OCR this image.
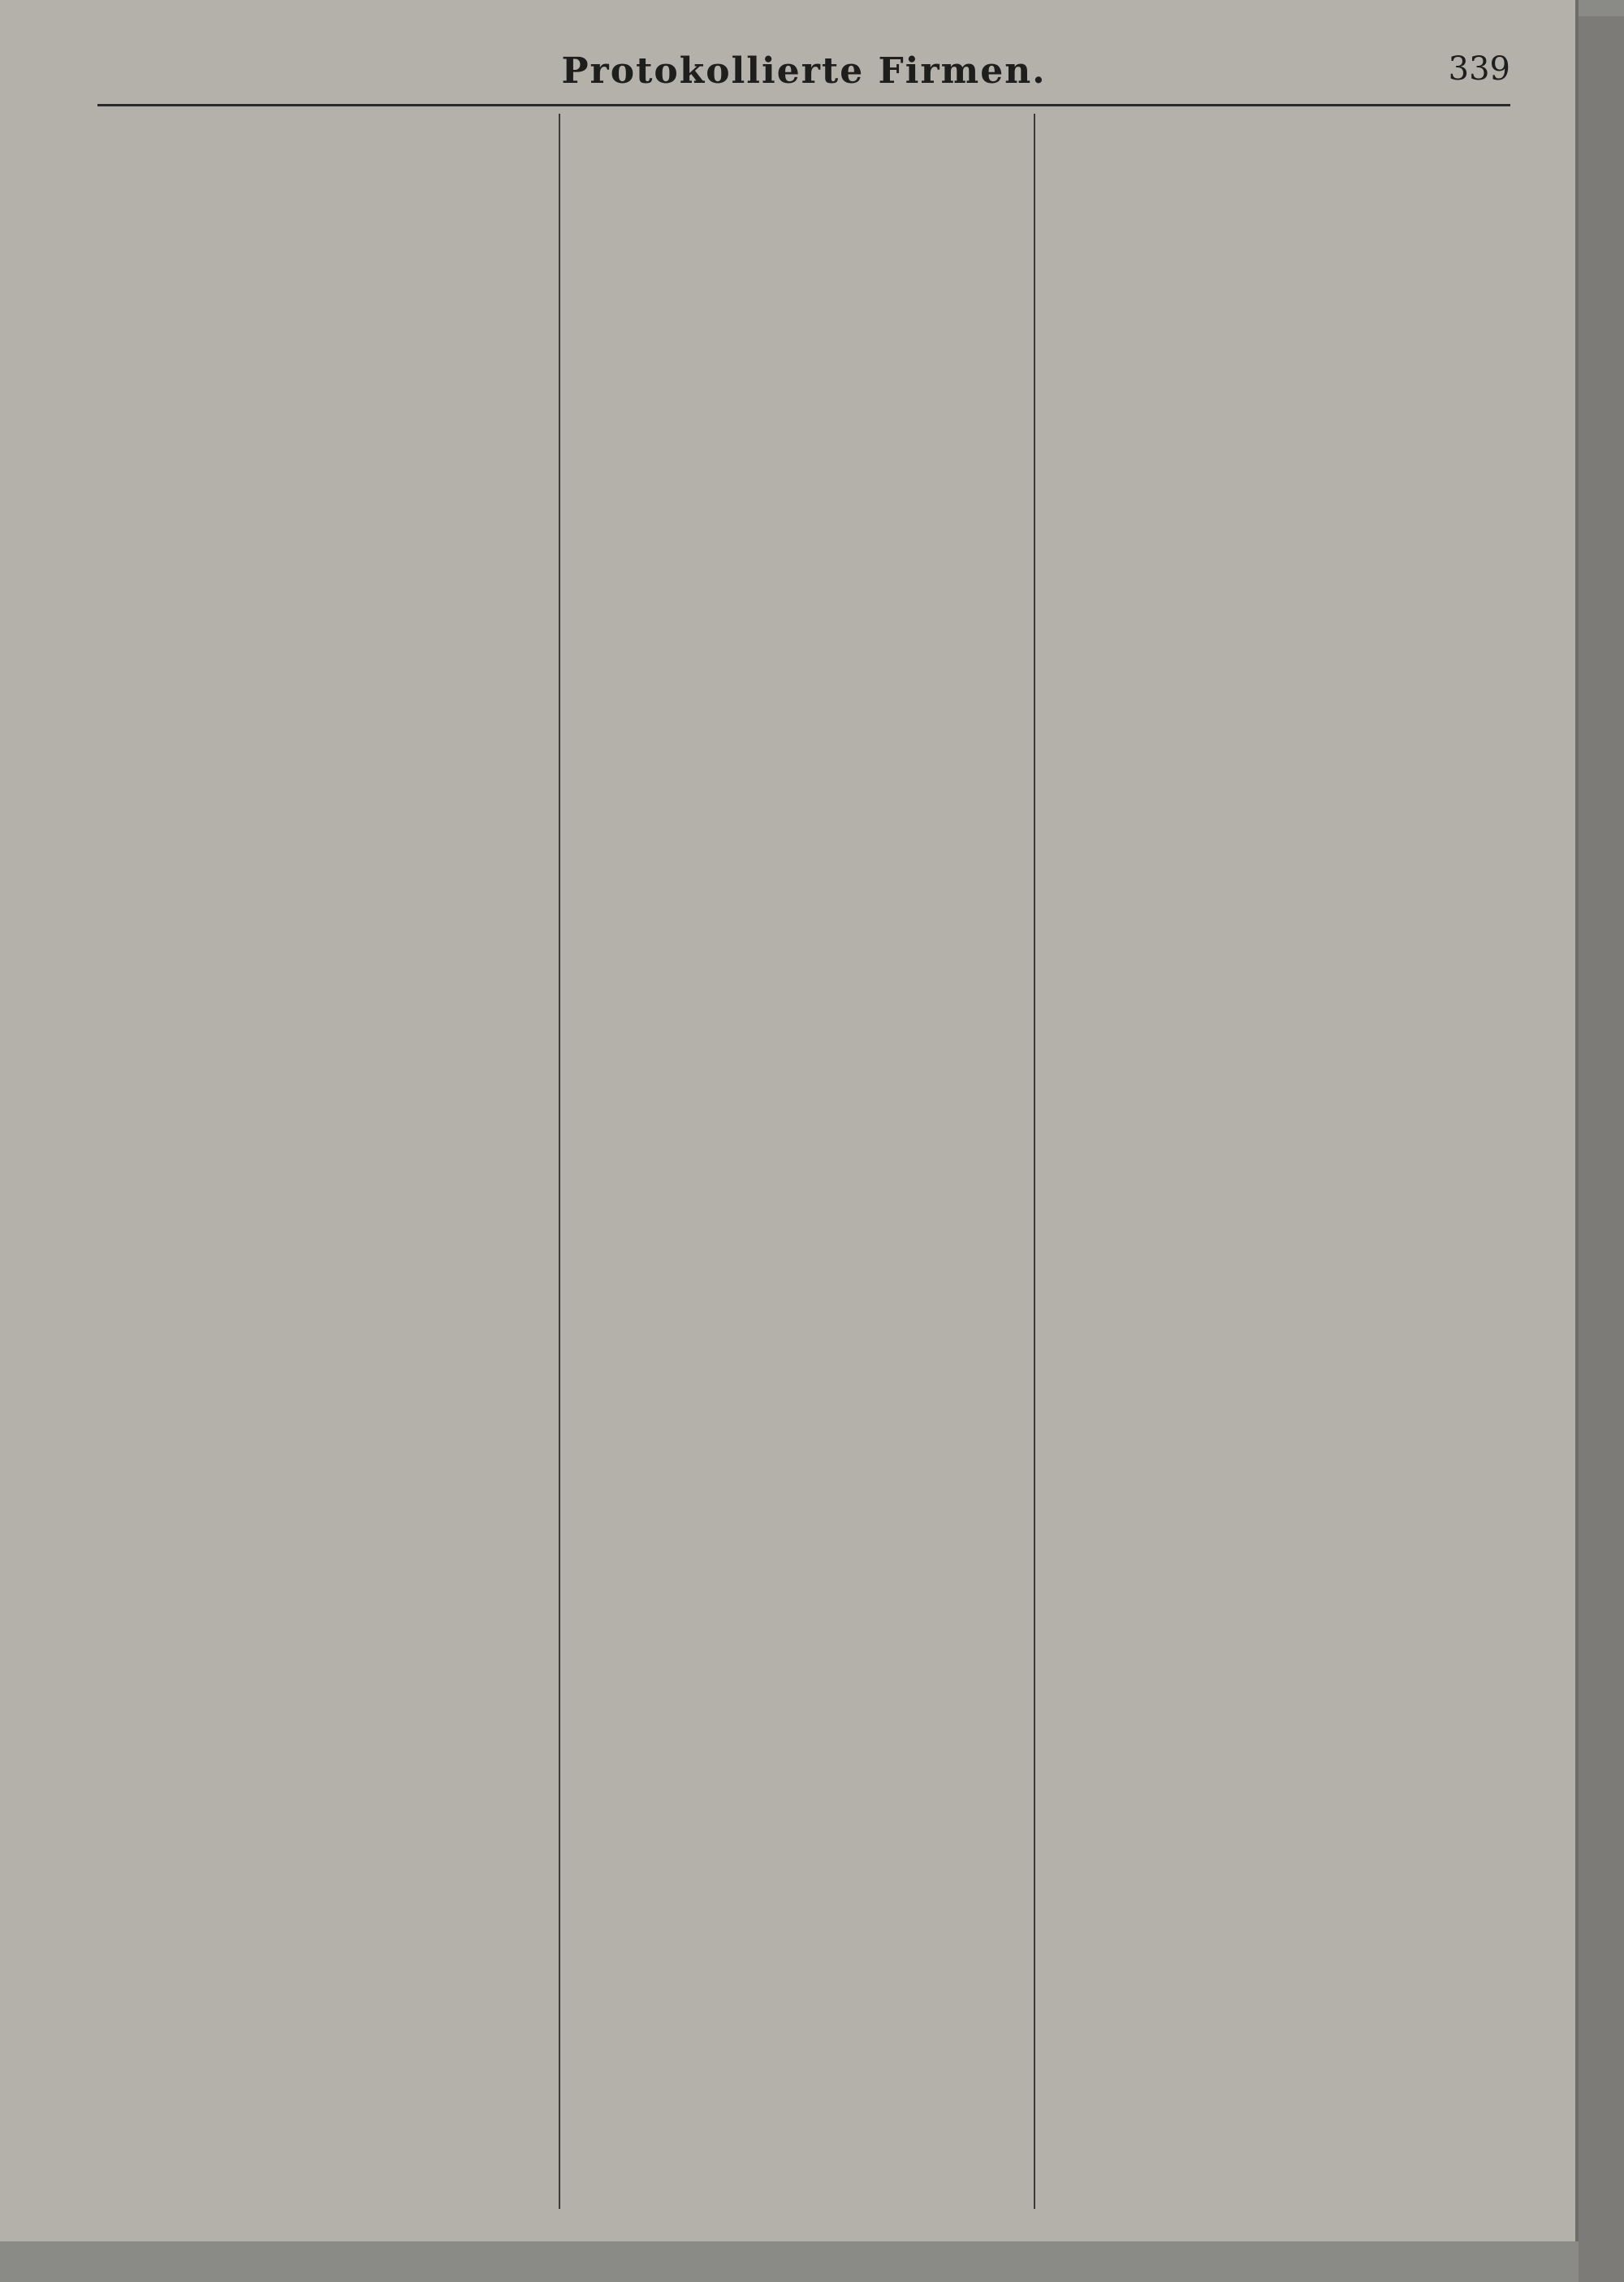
Protokollierte Firmen.	339
